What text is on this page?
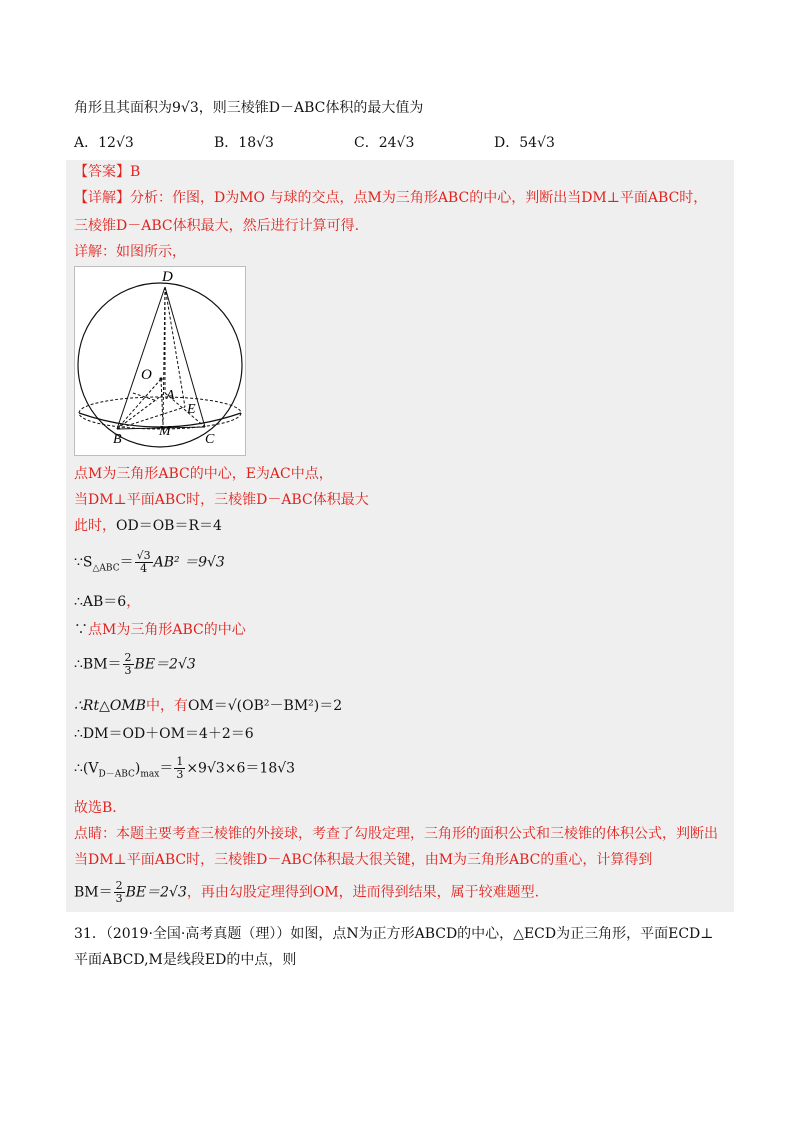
角形且其面积为9√3，则三棱锥D－ABC体积的最大值为
A．12√3	B．18√3	C．24√3	D．54√3
【答案】B
【详解】分析：作图，D为MO 与球的交点，点M为三角形ABC的中心，判断出当DM⊥平面ABC时，
三棱锥D－ABC体积最大，然后进行计算可得.
详解：如图所示，
D
O
A
E
B
M
C
点M为三角形ABC的中心，E为AC中点，
当DM⊥平面ABC时，三棱锥D－ABC体积最大
此时，OD＝OB＝R＝4
$\because S_{\triangle ABC}= \frac{√3}{4} AB^2 =9√3$
∴AB＝6，
∵点M为三角形ABC的中心
∴BM＝ $\frac{2}{3} BE=2√3$
∴Rt△OMB中，有OM＝√(OB²－BM²)＝2
∴DM＝OD＋OM＝4＋2＝6
$\therefore(V_{D-ABC})_{max}= \frac{1}{3} \times 9√3\times 6=18√3$
故选B.
点睛：本题主要考查三棱锥的外接球，考查了勾股定理，三角形的面积公式和三棱锥的体积公式，判断出
当DM⊥平面ABC时，三棱锥D－ABC体积最大很关键，由M为三角形ABC的重心，计算得到
$BM= \frac{2}{3} BE=2√3$，再由勾股定理得到OM，进而得到结果，属于较难题型.
31．（2019·全国·高考真题（理））如图，点N为正方形ABCD的中心，△ECD为正三角形，平面ECD⊥
平面ABCD,M是线段ED的中点，则
